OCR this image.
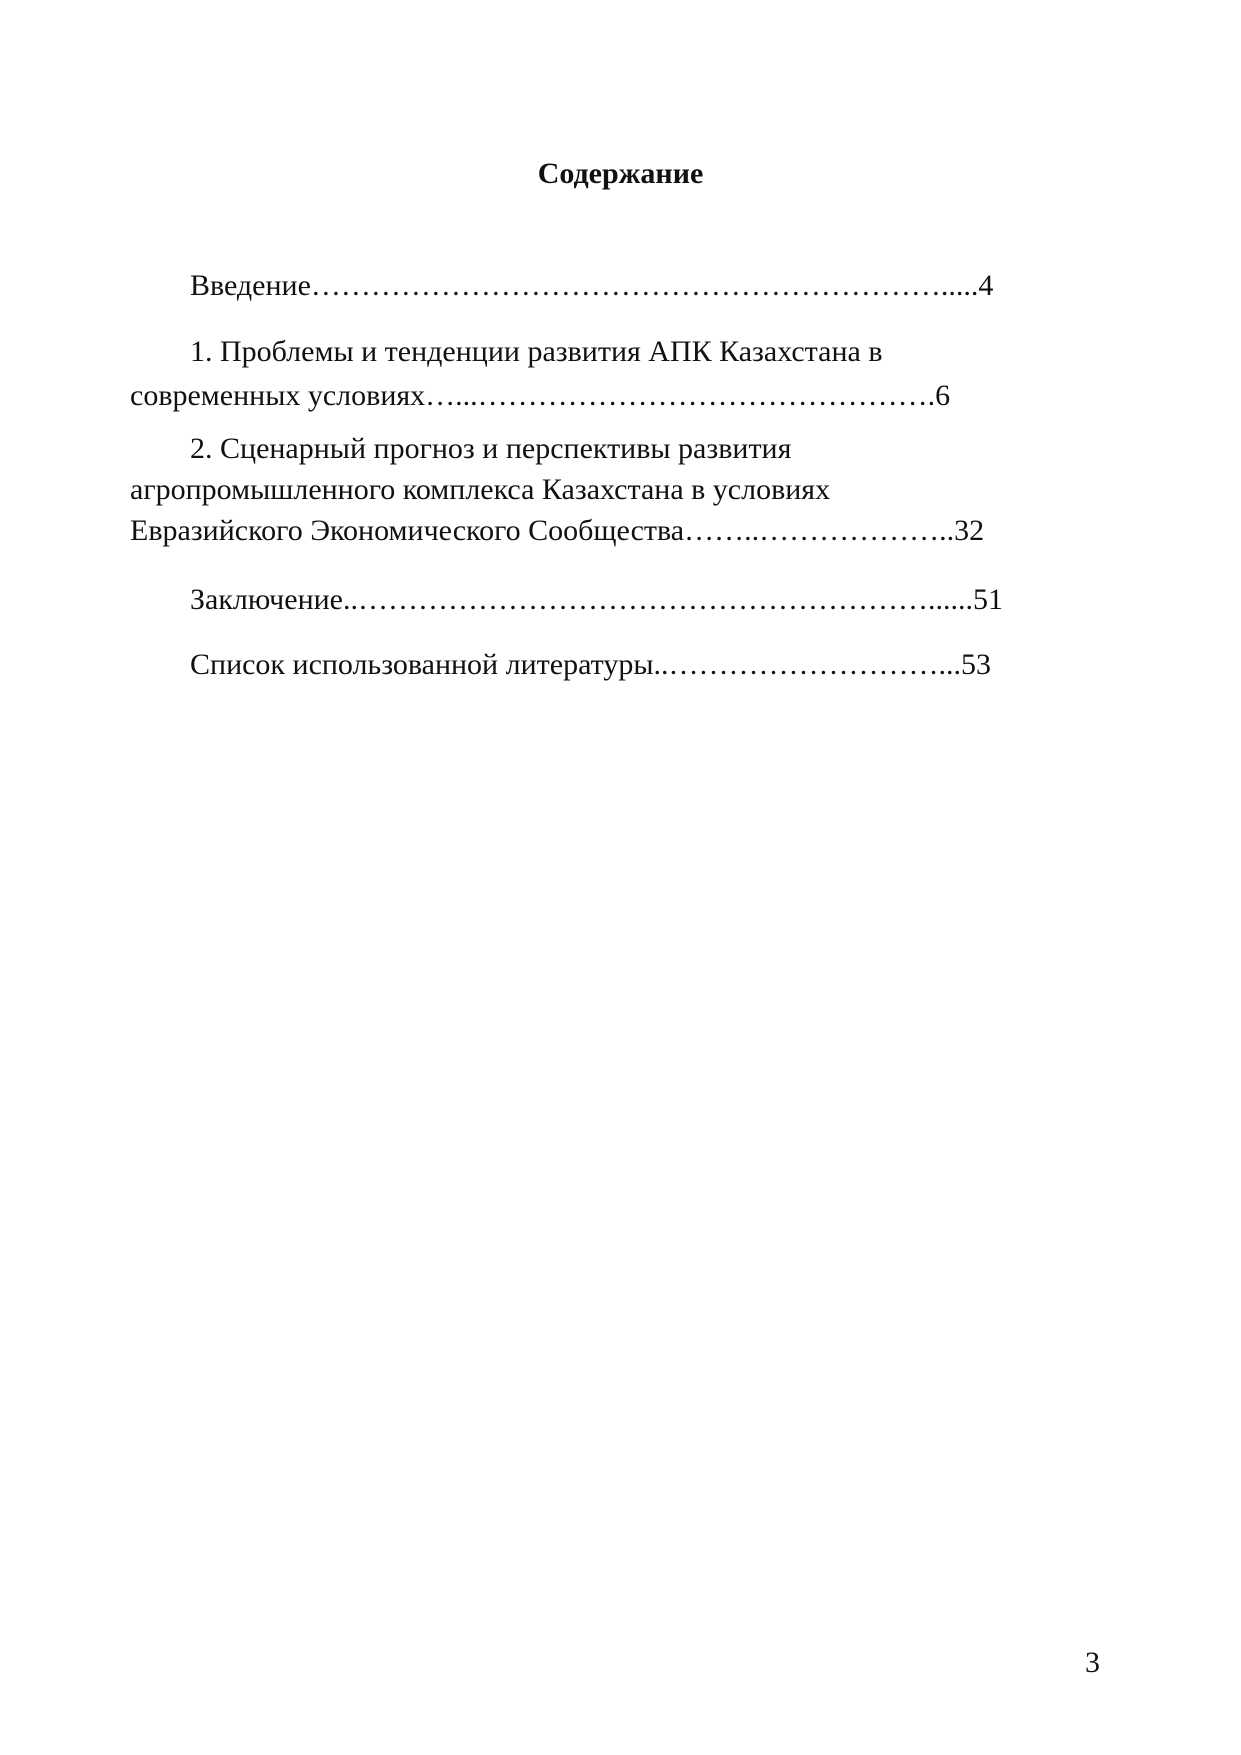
Содержание
Введение……………………………………………………….....4
1. Проблемы и тенденции развития АПК Казахстана в
современных условиях…...……………………………………….6
2. Сценарный прогноз и перспективы развития
агропромышленного комплекса Казахстана в условиях
Евразийского Экономического Сообщества……..………………..32
Заключение..…………………………………………………......51
Список использованной литературы..………………………...53
3
